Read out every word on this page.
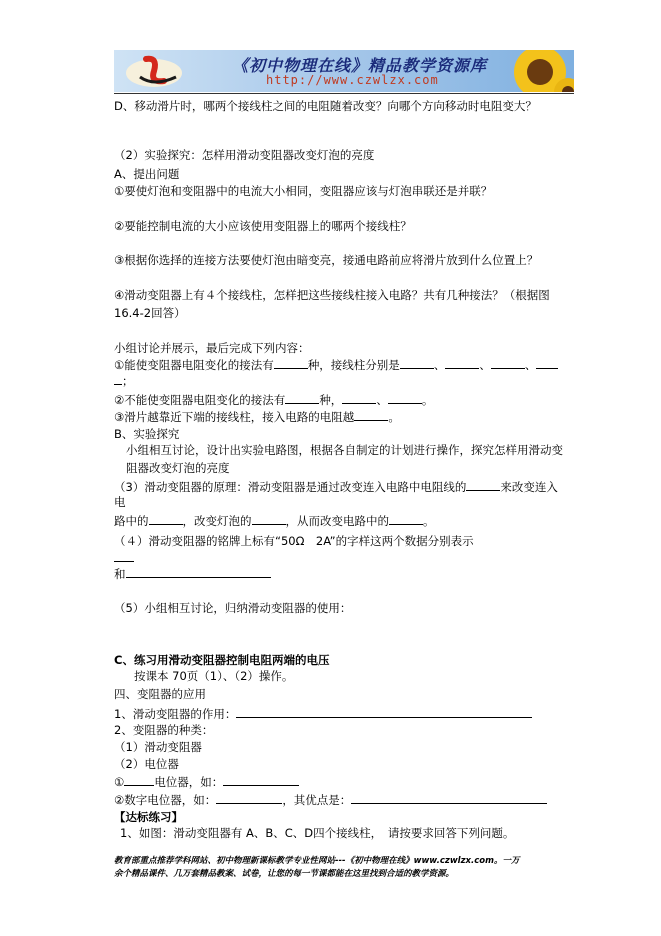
《初中物理在线》精品教学资源库
http://www.czwlzx.com
D、移动滑片时，哪两个接线柱之间的电阻随着改变？向哪个方向移动时电阻变大？
（2）实验探究：怎样用滑动变阻器改变灯泡的亮度
A、提出问题
①要使灯泡和变阻器中的电流大小相同，变阻器应该与灯泡串联还是并联？
②要能控制电流的大小应该使用变阻器上的哪两个接线柱？
③根据你选择的连接方法要使灯泡由暗变亮，接通电路前应将滑片放到什么位置上？
④滑动变阻器上有４个接线柱，怎样把这些接线柱接入电路？共有几种接法？（根据图
16.4-2回答）
小组讨论并展示，最后完成下列内容：
①能使变阻器电阻变化的接法有	种，接线柱分别是	、	、	、
；
②不能使变阻器电阻变化的接法有	种，	、	。
③滑片越靠近下端的接线柱，接入电路的电阻越	。
B、实验探究
小组相互讨论，设计出实验电路图，根据各自制定的计划进行操作，探究怎样用滑动变
阻器改变灯泡的亮度
（3）滑动变阻器的原理：滑动变阻器是通过改变连入电路中电阻线的	来改变连入
电
路中的	，改变灯泡的	，从而改变电路中的	。
（４）滑动变阻器的铭牌上标有“50Ω　2A”的字样这两个数据分别表示
和
（5）小组相互讨论，归纳滑动变阻器的使用：
C、练习用滑动变阻器控制电阻两端的电压
按课本 70页（1）、（2）操作。
四、变阻器的应用
1、滑动变阻器的作用：
2、变阻器的种类：
（1）滑动变阻器
（2）电位器
①	电位器，如：
②数字电位器，如：	，其优点是：
【达标练习】
1、如图：滑动变阻器有 A、B、C、D四个接线柱，　请按要求回答下列问题。
教育部重点推荐学科网站、初中物理新课标教学专业性网站---《初中物理在线》www.czwlzx.com。一万
余个精品课件、几万套精品教案、试卷，让您的每一节课都能在这里找到合适的教学资源。
